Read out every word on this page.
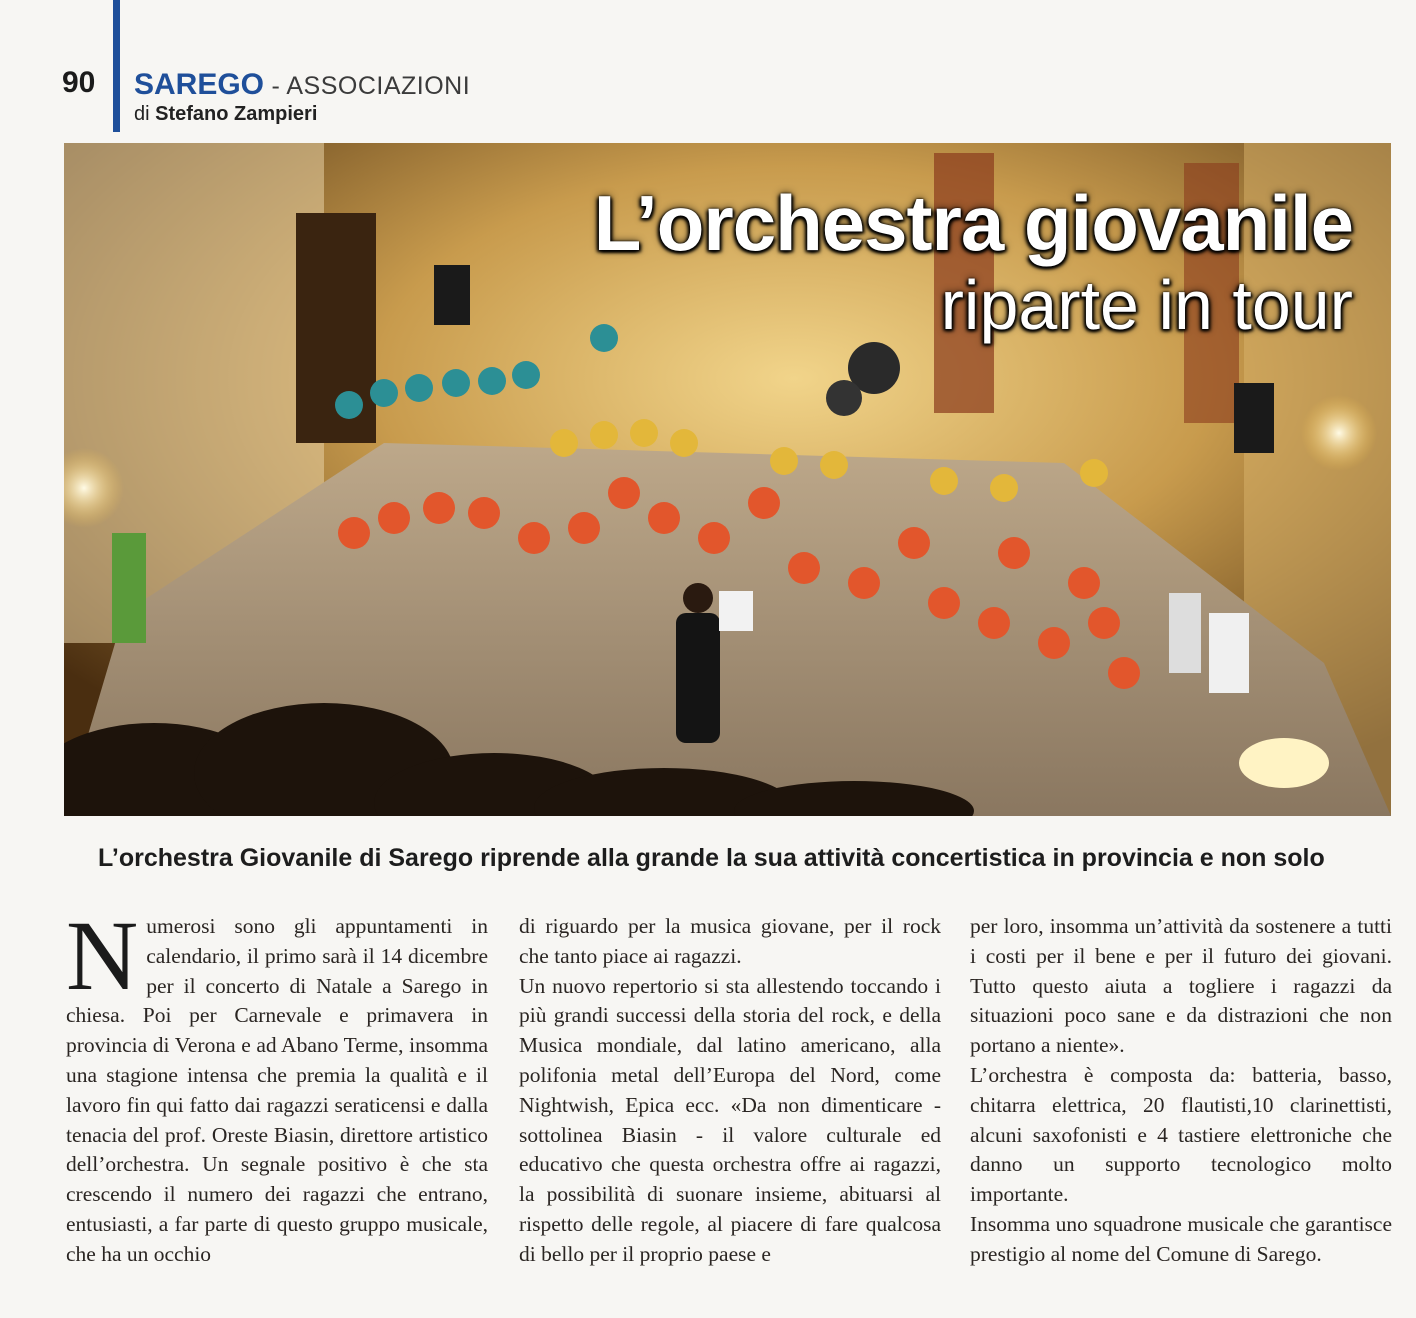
90 SAREGO - ASSOCIAZIONI
di Stefano Zampieri
L’orchestra giovanile
riparte in tour
L’orchestra Giovanile di Sarego riprende alla grande la sua attività concertistica in provincia e non solo
N umerosi sono gli appuntamenti in calendario, il primo sarà il 14 dicembre per il concerto di Natale a Sarego in chiesa. Poi per Carnevale e primavera in provincia di Verona e ad Abano Terme, insomma una stagione intensa che premia la qualità e il lavoro fin qui fatto dai ragazzi seraticensi e dalla tenacia del prof. Oreste Biasin, direttore artistico dell’orchestra. Un segnale positivo è che sta crescendo il numero dei ragazzi che entrano, entusiasti, a far parte di questo gruppo musicale, che ha un occhio

di riguardo per la musica giovane, per il rock che tanto piace ai ragazzi.

Un nuovo repertorio si sta allestendo toccando i più grandi successi della storia del rock, e della Musica mondiale, dal latino americano, alla polifonia metal dell’Europa del Nord, come Nightwish, Epica ecc. «Da non dimenticare - sottolinea Biasin - il valore culturale ed educativo che questa orchestra offre ai ragazzi, la possibilità di suonare insieme, abituarsi al rispetto delle regole, al piacere di fare qualcosa di bello per il proprio paese e

per loro, insomma un’attività da sostenere a tutti i costi per il bene e per il futuro dei giovani. Tutto questo aiuta a togliere i ragazzi da situazioni poco sane e da distrazioni che non portano a niente».

L’orchestra è composta da: batteria, basso, chitarra elettrica, 20 flautisti,10 clarinettisti, alcuni saxofonisti e 4 tastiere elettroniche che danno un supporto tecnologico molto importante.

Insomma uno squadrone musicale che garantisce prestigio al nome del Comune di Sarego.
